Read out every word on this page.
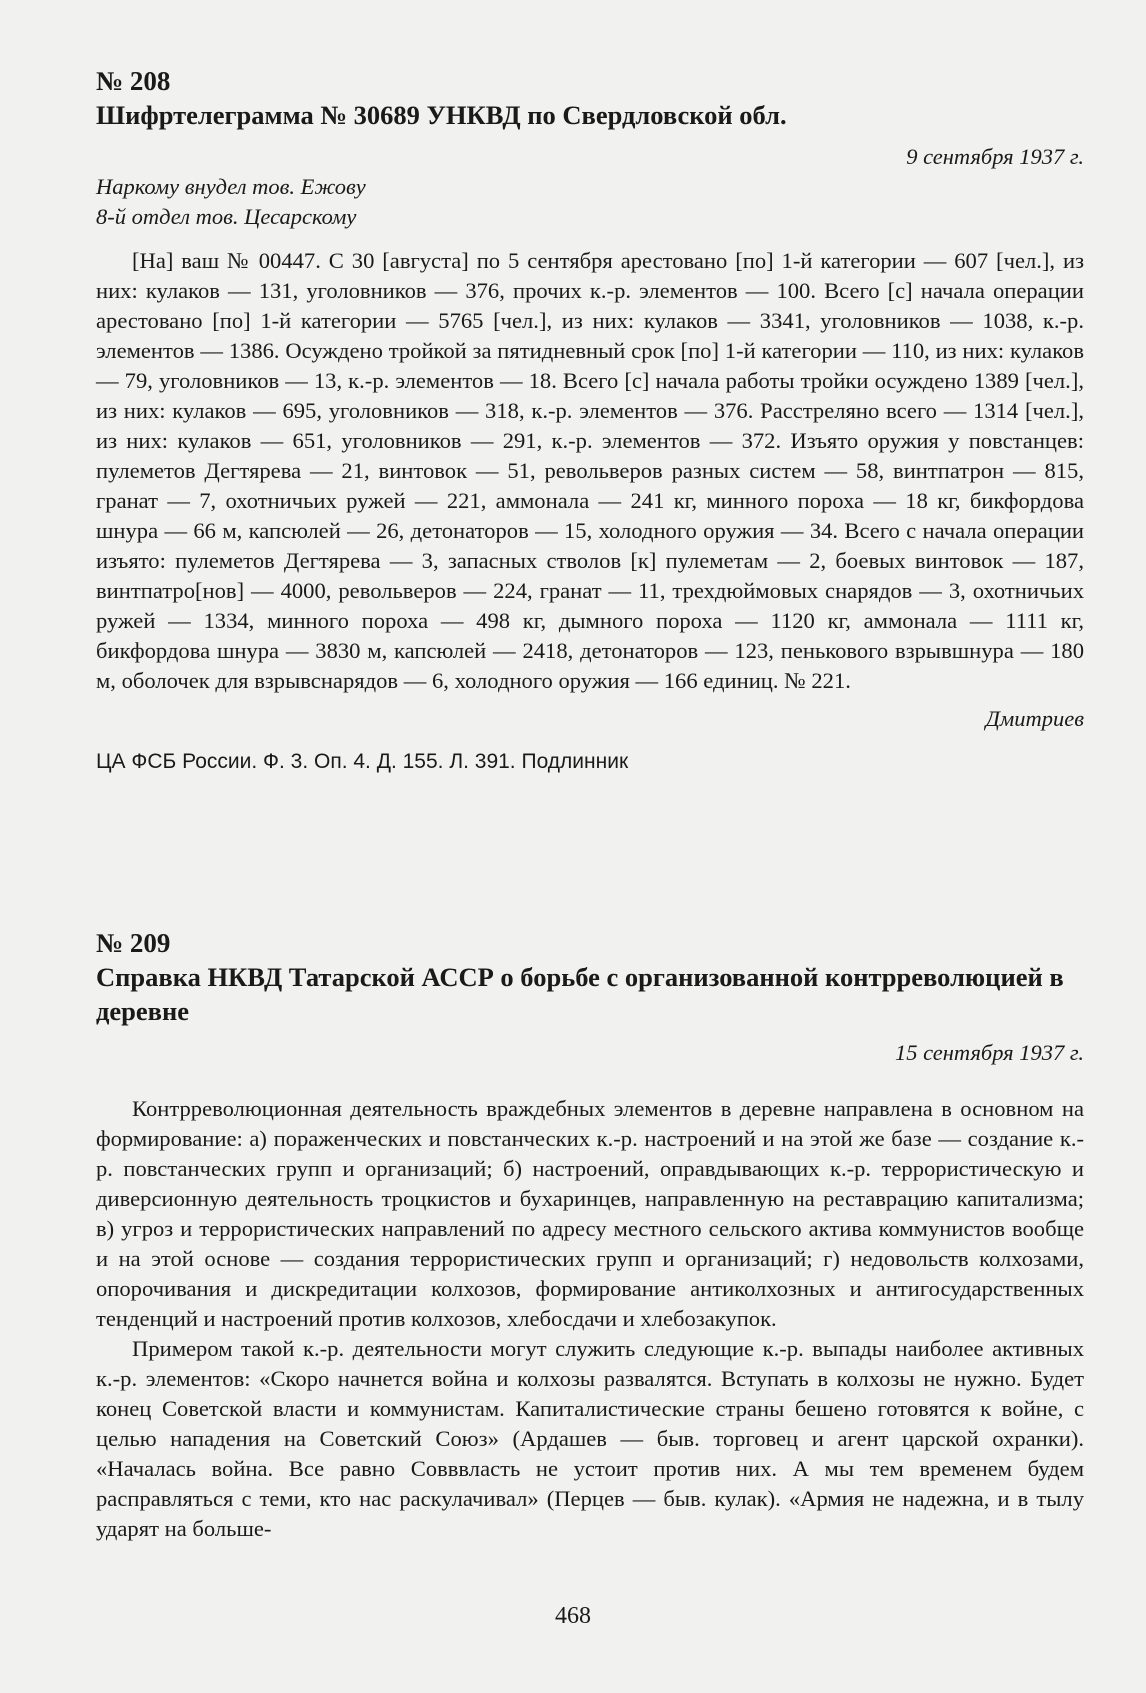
№ 208

Шифртелеграмма № 30689 УНКВД по Свердловской обл.

9 сентября 1937 г.

Наркому внудел тов. Ежову

8-й отдел тов. Цесарскому

[На] ваш № 00447. С 30 [августа] по 5 сентября арестовано [по] 1-й категории — 607 [чел.], из них: кулаков — 131, уголовников — 376, прочих к.-р. элементов — 100. Всего [с] начала операции арестовано [по] 1-й категории — 5765 [чел.], из них: кулаков — 3341, уголовников — 1038, к.-р. элементов — 1386. Осуждено тройкой за пятидневный срок [по] 1-й категории — 110, из них: кулаков — 79, уголовников — 13, к.-р. элементов — 18. Всего [с] начала работы тройки осуждено 1389 [чел.], из них: кулаков — 695, уголовников — 318, к.-р. элементов — 376. Расстреляно всего — 1314 [чел.], из них: кулаков — 651, уголовников — 291, к.-р. элементов — 372. Изъято оружия у повстанцев: пулеметов Дегтярева — 21, винтовок — 51, револьверов разных систем — 58, винтпатрон — 815, гранат — 7, охотничьих ружей — 221, аммонала — 241 кг, минного пороха — 18 кг, бикфордова шнура — 66 м, капсюлей — 26, детонаторов — 15, холодного оружия — 34. Всего с начала операции изъято: пулеметов Дегтярева — 3, запасных стволов [к] пулеметам — 2, боевых винтовок — 187, винтпатро[нов] — 4000, револьверов — 224, гранат — 11, трехдюймовых снарядов — 3, охотничьих ружей — 1334, минного пороха — 498 кг, дымного пороха — 1120 кг, аммонала — 1111 кг, бикфордова шнура — 3830 м, капсюлей — 2418, детонаторов — 123, пенькового взрывшнура — 180 м, оболочек для взрывснарядов — 6, холодного оружия — 166 единиц. № 221.

Дмитриев

ЦА ФСБ России. Ф. 3. Оп. 4. Д. 155. Л. 391. Подлинник

№ 209

Справка НКВД Татарской АССР о борьбе с организованной контрреволюцией в деревне

15 сентября 1937 г.

Контрреволюционная деятельность враждебных элементов в деревне направлена в основном на формирование: а) пораженческих и повстанческих к.-р. настроений и на этой же базе — создание к.-р. повстанческих групп и организаций; б) настроений, оправдывающих к.-р. террористическую и диверсионную деятельность троцкистов и бухаринцев, направленную на реставрацию капитализма; в) угроз и террористических направлений по адресу местного сельского актива коммунистов вообще и на этой основе — создания террористических групп и организаций; г) недовольств колхозами, опорочивания и дискредитации колхозов, формирование антиколхозных и антигосударственных тенденций и настроений против колхозов, хлебосдачи и хлебозакупок.

Примером такой к.-р. деятельности могут служить следующие к.-р. выпады наиболее активных к.-р. элементов: «Скоро начнется война и колхозы развалятся. Вступать в колхозы не нужно. Будет конец Советской власти и коммунистам. Капиталистические страны бешено готовятся к войне, с целью нападения на Советский Союз» (Ардашев — быв. торговец и агент царской охранки). «Началась война. Все равно Совввласть не устоит против них. А мы тем временем будем расправляться с теми, кто нас раскулачивал» (Перцев — быв. кулак). «Армия не надежна, и в тылу ударят на больше-

468
